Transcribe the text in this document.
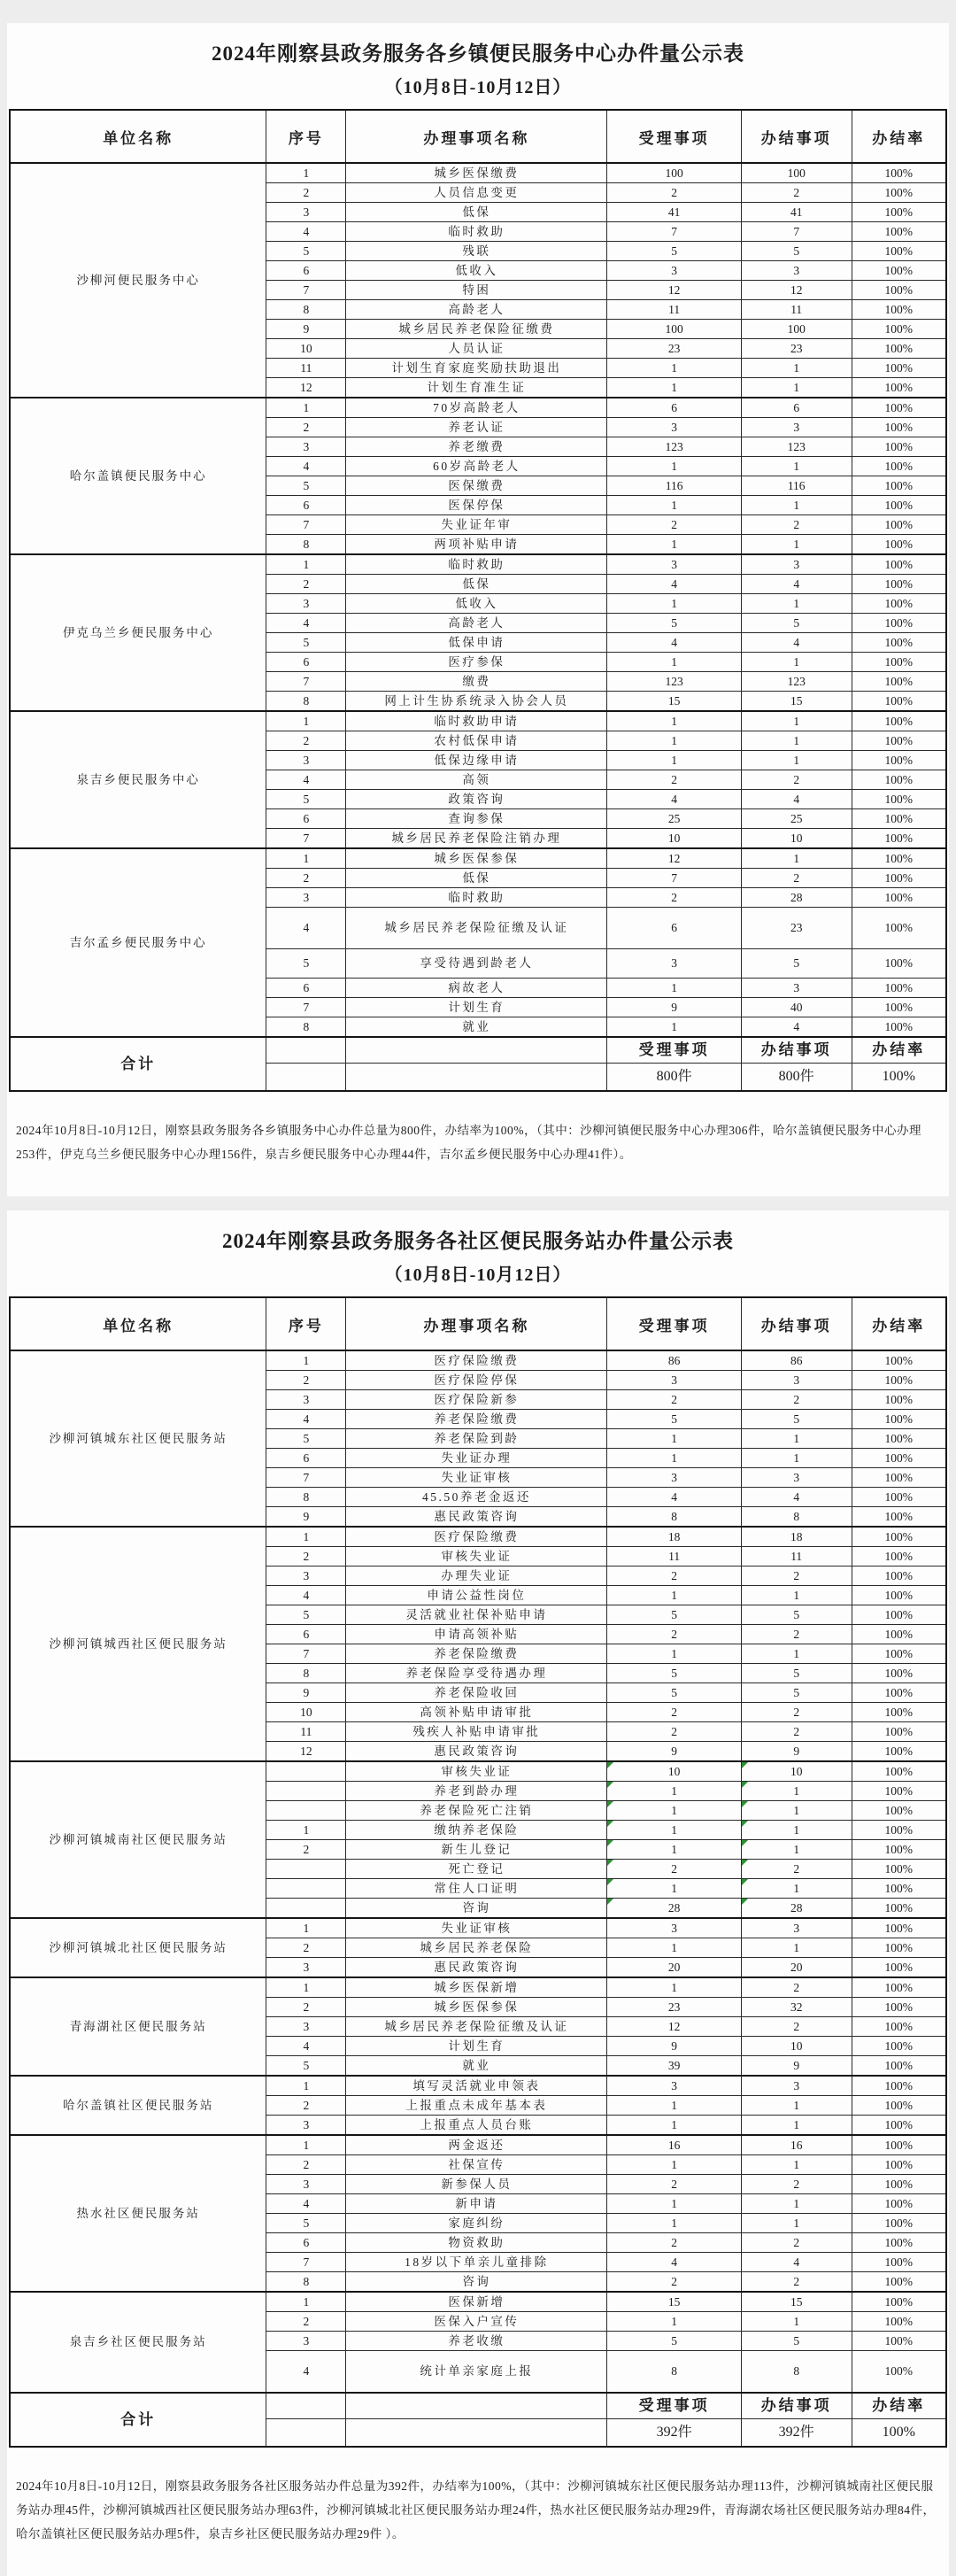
2024年刚察县政务服务各乡镇便民服务中心办件量公示表
（10月8日-10月12日）
单位名称	序号	办理事项名称	受理事项	办结事项	办结率
沙柳河便民服务中心	1	城乡医保缴费	100	100	100%
	2	人员信息变更	2	2	100%
	3	低保	41	41	100%
	4	临时救助	7	7	100%
	5	残联	5	5	100%
	6	低收入	3	3	100%
	7	特困	12	12	100%
	8	高龄老人	11	11	100%
	9	城乡居民养老保险征缴费	100	100	100%
	10	人员认证	23	23	100%
	11	计划生育家庭奖励扶助退出	1	1	100%
	12	计划生育准生证	1	1	100%
哈尔盖镇便民服务中心	1	70岁高龄老人	6	6	100%
	2	养老认证	3	3	100%
	3	养老缴费	123	123	100%
	4	60岁高龄老人	1	1	100%
	5	医保缴费	116	116	100%
	6	医保停保	1	1	100%
	7	失业证年审	2	2	100%
	8	两项补贴申请	1	1	100%
伊克乌兰乡便民服务中心	1	临时救助	3	3	100%
	2	低保	4	4	100%
	3	低收入	1	1	100%
	4	高龄老人	5	5	100%
	5	低保申请	4	4	100%
	6	医疗参保	1	1	100%
	7	缴费	123	123	100%
	8	网上计生协系统录入协会人员	15	15	100%
泉吉乡便民服务中心	1	临时救助申请	1	1	100%
	2	农村低保申请	1	1	100%
	3	低保边缘申请	1	1	100%
	4	高领	2	2	100%
	5	政策咨询	4	4	100%
	6	查询参保	25	25	100%
	7	城乡居民养老保险注销办理	10	10	100%
吉尔孟乡便民服务中心	1	城乡医保参保	12	1	100%
	2	低保	7	2	100%
	3	临时救助	2	28	100%
	4	城乡居民养老保险征缴及认证	6	23	100%
	5	享受待遇到龄老人	3	5	100%
	6	病故老人	1	3	100%
	7	计划生育	9	40	100%
	8	就业	1	4	100%
合计			受理事项	办结事项	办结率
			800件	800件	100%

2024年10月8日-10月12日，刚察县政务服务各乡镇服务中心办件总量为800件，办结率为100%，（其中：沙柳河镇便民服务中心办理306件，哈尔盖镇便民服务中心办理253件，伊克乌兰乡便民服务中心办理156件，泉吉乡便民服务中心办理44件，吉尔孟乡便民服务中心办理41件）。

2024年刚察县政务服务各社区便民服务站办件量公示表
（10月8日-10月12日）
单位名称	序号	办理事项名称	受理事项	办结事项	办结率
沙柳河镇城东社区便民服务站	1	医疗保险缴费	86	86	100%
	2	医疗保险停保	3	3	100%
	3	医疗保险新参	2	2	100%
	4	养老保险缴费	5	5	100%
	5	养老保险到龄	1	1	100%
	6	失业证办理	1	1	100%
	7	失业证审核	3	3	100%
	8	45.50养老金返还	4	4	100%
	9	惠民政策咨询	8	8	100%
沙柳河镇城西社区便民服务站	1	医疗保险缴费	18	18	100%
	2	审核失业证	11	11	100%
	3	办理失业证	2	2	100%
	4	申请公益性岗位	1	1	100%
	5	灵活就业社保补贴申请	5	5	100%
	6	申请高领补贴	2	2	100%
	7	养老保险缴费	1	1	100%
	8	养老保险享受待遇办理	5	5	100%
	9	养老保险收回	5	5	100%
	10	高领补贴申请审批	2	2	100%
	11	残疾人补贴申请审批	2	2	100%
	12	惠民政策咨询	9	9	100%
沙柳河镇城南社区便民服务站		审核失业证	10	10	100%
		养老到龄办理	1	1	100%
		养老保险死亡注销	1	1	100%
	1	缴纳养老保险	1	1	100%
	2	新生儿登记	1	1	100%
		死亡登记	2	2	100%
		常住人口证明	1	1	100%
		咨询	28	28	100%
沙柳河镇城北社区便民服务站	1	失业证审核	3	3	100%
	2	城乡居民养老保险	1	1	100%
	3	惠民政策咨询	20	20	100%
青海湖社区便民服务站	1	城乡医保新增	1	2	100%
	2	城乡医保参保	23	32	100%
	3	城乡居民养老保险征缴及认证	12	2	100%
	4	计划生育	9	10	100%
	5	就业	39	9	100%
哈尔盖镇社区便民服务站	1	填写灵活就业申领表	3	3	100%
	2	上报重点未成年基本表	1	1	100%
	3	上报重点人员台账	1	1	100%
热水社区便民服务站	1	两金返还	16	16	100%
	2	社保宣传	1	1	100%
	3	新参保人员	2	2	100%
	4	新申请	1	1	100%
	5	家庭纠纷	1	1	100%
	6	物资救助	2	2	100%
	7	18岁以下单亲儿童排除	4	4	100%
	8	咨询	2	2	100%
泉吉乡社区便民服务站	1	医保新增	15	15	100%
	2	医保入户宣传	1	1	100%
	3	养老收缴	5	5	100%
	4	统计单亲家庭上报	8	8	100%
合计			受理事项	办结事项	办结率
			392件	392件	100%

2024年10月8日-10月12日，刚察县政务服务各社区服务站办件总量为392件，办结率为100%，（其中：沙柳河镇城东社区便民服务站办理113件，沙柳河镇城南社区便民服务站办理45件，沙柳河镇城西社区便民服务站办理63件，沙柳河镇城北社区便民服务站办理24件，热水社区便民服务站办理29件，青海湖农场社区便民服务站办理84件，哈尔盖镇社区便民服务站办理5件，泉吉乡社区便民服务站办理29件 ）。
